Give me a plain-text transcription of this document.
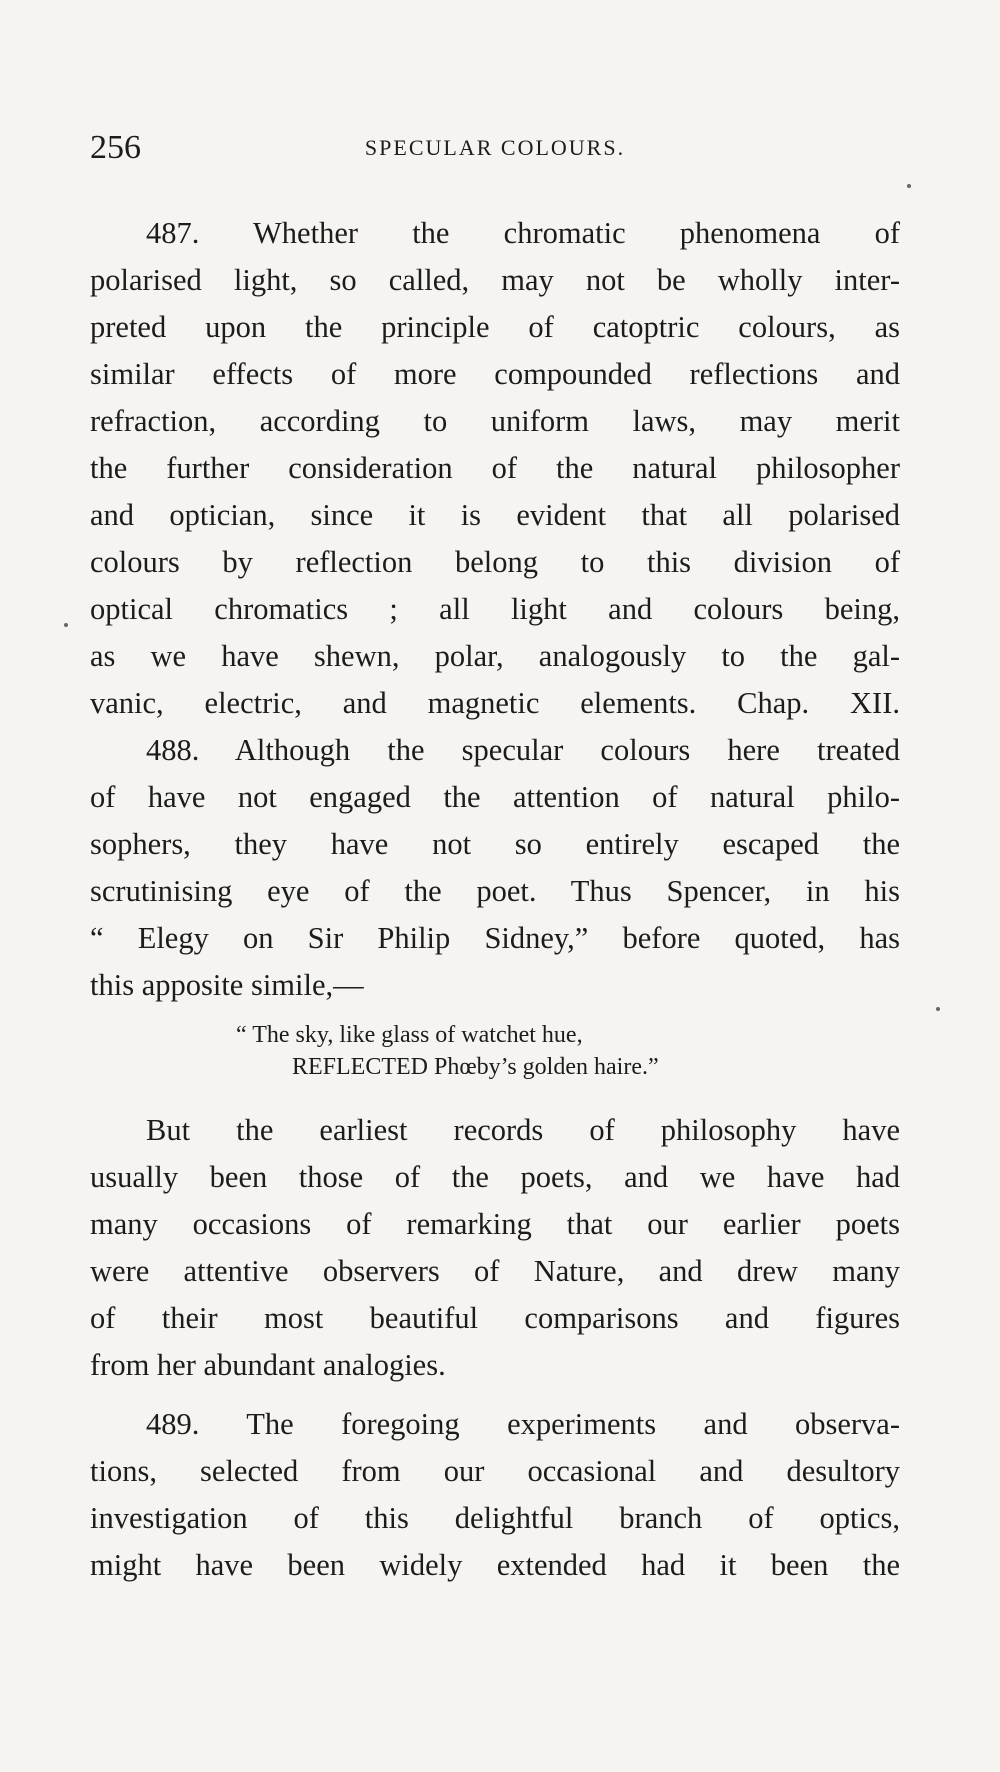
256	SPECULAR COLOURS.
487. Whether the chromatic phenomena of
polarised light, so called, may not be wholly inter-
preted upon the principle of catoptric colours, as
similar effects of more compounded reflections and
refraction, according to uniform laws, may merit
the further consideration of the natural philosopher
and optician, since it is evident that all polarised
colours by reflection belong to this division of
optical chromatics ; all light and colours being,
as we have shewn, polar, analogously to the gal-
vanic, electric, and magnetic elements. Chap. XII.
488. Although the specular colours here treated
of have not engaged the attention of natural philo-
sophers, they have not so entirely escaped the
scrutinising eye of the poet. Thus Spencer, in his
“ Elegy on Sir Philip Sidney,” before quoted, has
this apposite simile,—
“ The sky, like glass of watchet hue,
REFLECTED Phœby’s golden haire.”
But the earliest records of philosophy have
usually been those of the poets, and we have had
many occasions of remarking that our earlier poets
were attentive observers of Nature, and drew many
of their most beautiful comparisons and figures
from her abundant analogies.
489. The foregoing experiments and observa-
tions, selected from our occasional and desultory
investigation of this delightful branch of optics,
might have been widely extended had it been the
